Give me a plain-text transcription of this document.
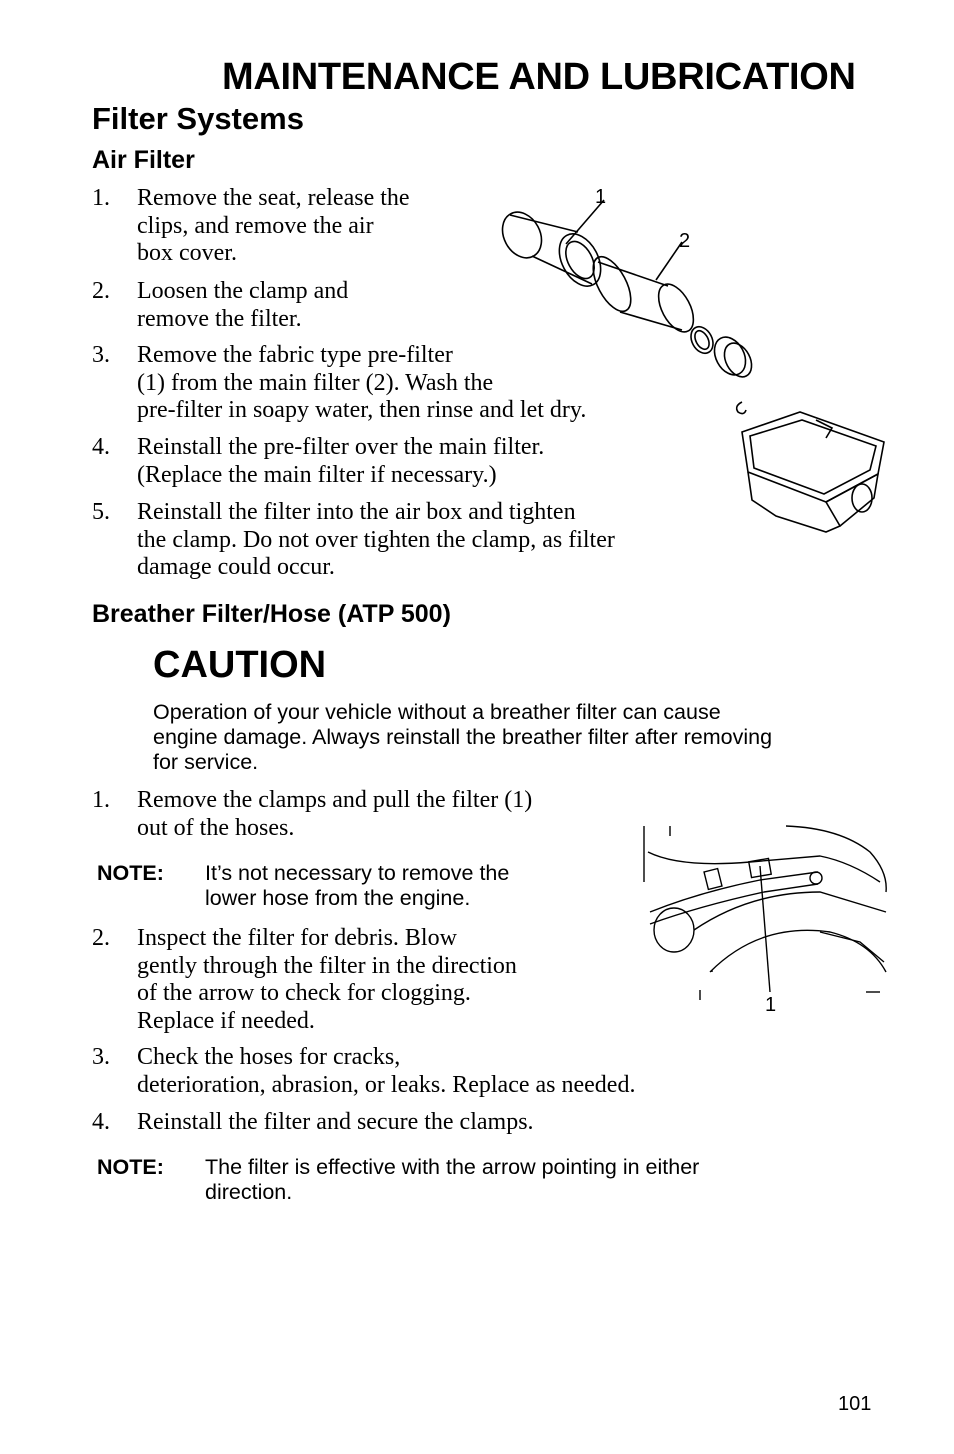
MAINTENANCE AND LUBRICATION
Filter Systems
Air Filter
1. Remove the seat, release the
clips, and remove the air
box cover.
2. Loosen the clamp and
remove the filter.
3. Remove the fabric type pre-filter
(1) from the main filter (2). Wash the
pre-filter in soapy water, then rinse and let dry.
4. Reinstall the pre-filter over the main filter.
(Replace the main filter if necessary.)
5. Reinstall the filter into the air box and tighten
the clamp. Do not over tighten the clamp, as filter
damage could occur.
1
2
Breather Filter/Hose (ATP 500)
CAUTION
Operation of your vehicle without a breather filter can cause
engine damage. Always reinstall the breather filter after removing
for service.
1. Remove the clamps and pull the filter (1)
out of the hoses.
NOTE: It’s not necessary to remove the
lower hose from the engine.
2. Inspect the filter for debris. Blow
gently through the filter in the direction
of the arrow to check for clogging.
Replace if needed.
3. Check the hoses for cracks,
deterioration, abrasion, or leaks. Replace as needed.
4. Reinstall the filter and secure the clamps.
NOTE: The filter is effective with the arrow pointing in either
direction.
1
101
